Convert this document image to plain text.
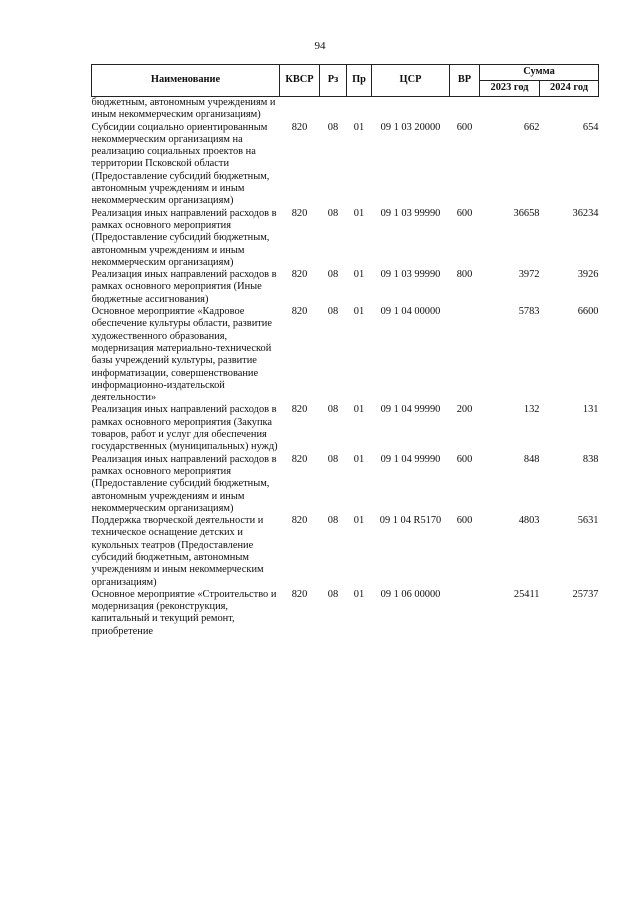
94
Наименование	КВСР	Рз	Пр	ЦСР	ВР	Сумма	
						2023 год	2024 год
бюджетным, автономным учреждениям и иным некоммерческим организациям)							
Субсидии социально ориентированным некоммерческим организациям на реализацию социальных проектов на территории Псковской области (Предоставление субсидий бюджетным, автономным учреждениям и иным некоммерческим организациям)	820	08	01	09 1 03 20000	600	662	654
Реализация иных направлений расходов в рамках основного мероприятия (Предоставление субсидий бюджетным, автономным учреждениям и иным некоммерческим организациям)	820	08	01	09 1 03 99990	600	36658	36234
Реализация иных направлений расходов в рамках основного мероприятия (Иные бюджетные ассигнования)	820	08	01	09 1 03 99990	800	3972	3926
Основное мероприятие «Кадровое обеспечение культуры области, развитие художественного образования, модернизация материально-технической базы учреждений культуры, развитие информатизации, совершенствование информационно-издательской деятельности»	820	08	01	09 1 04 00000		5783	6600
Реализация иных направлений расходов в рамках основного мероприятия (Закупка товаров, работ и услуг для обеспечения государственных (муниципальных) нужд)	820	08	01	09 1 04 99990	200	132	131
Реализация иных направлений расходов в рамках основного мероприятия (Предоставление субсидий бюджетным, автономным учреждениям и иным некоммерческим организациям)	820	08	01	09 1 04 99990	600	848	838
Поддержка творческой деятельности и техническое оснащение детских и кукольных театров (Предоставление субсидий бюджетным, автономным учреждениям и иным некоммерческим организациям)	820	08	01	09 1 04 R5170	600	4803	5631
Основное мероприятие «Строительство и модернизация (реконструкция, капитальный и текущий ремонт, приобретение	820	08	01	09 1 06 00000		25411	25737
